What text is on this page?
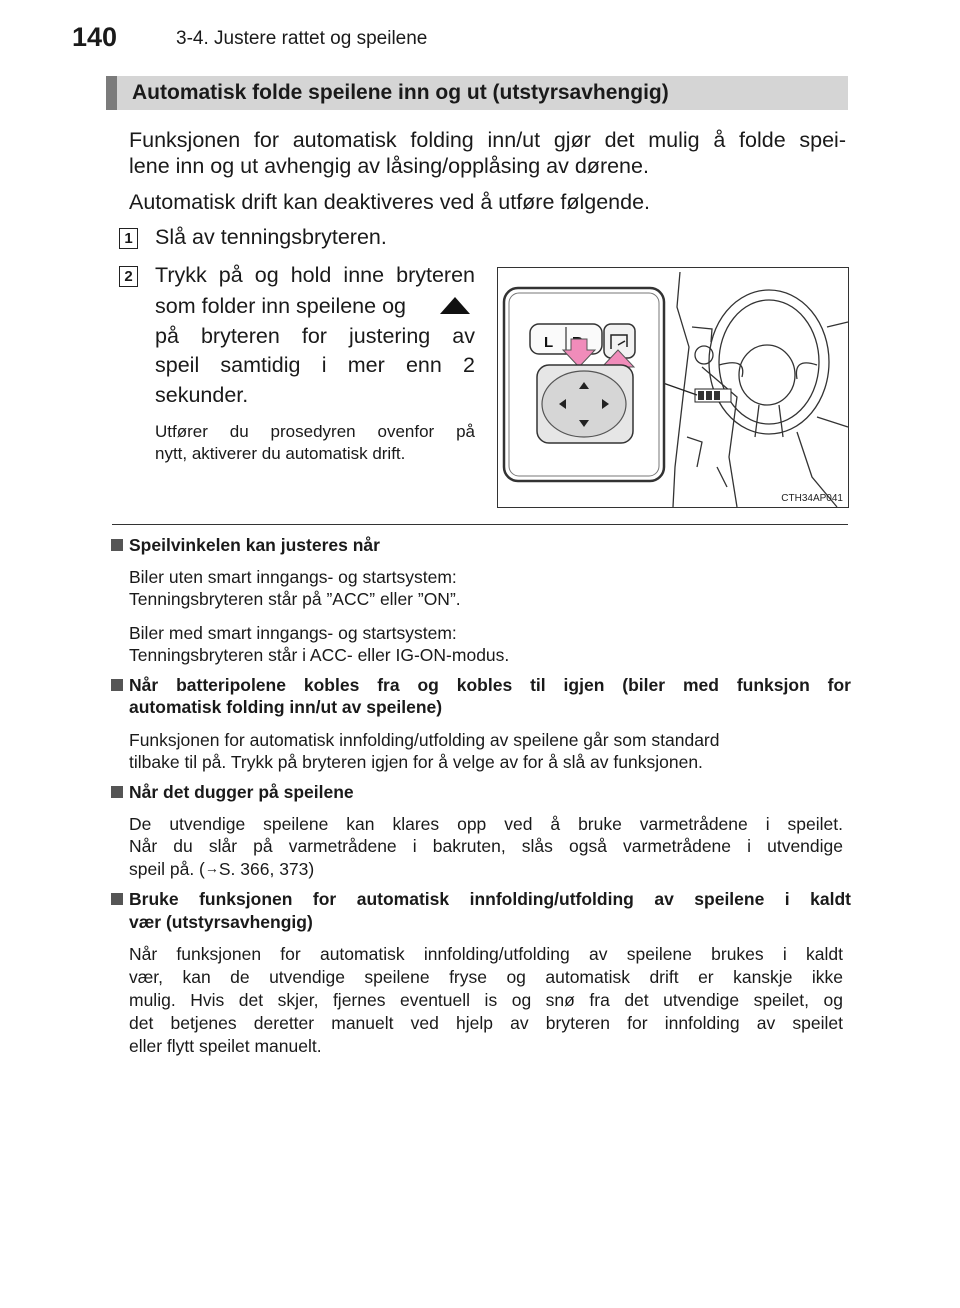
140	3-4. Justere rattet og speilene
Automatisk folde speilene inn og ut (utstyrsavhengig)
Funksjonen for automatisk folding inn/ut gjør det mulig å folde spei-
lene inn og ut avhengig av låsing/opplåsing av dørene.
Automatisk drift kan deaktiveres ved å utføre følgende.
1 Slå av tenningsbryteren.
2 Trykk på og hold inne bryteren
som folder inn speilene og
på bryteren for justering av
speil samtidig i mer enn 2
sekunder.
Utfører du prosedyren ovenfor på
nytt, aktiverer du automatisk drift.
L
CTH34AP041
Speilvinkelen kan justeres når
Biler uten smart inngangs- og startsystem:
Tenningsbryteren står på ”ACC” eller ”ON”.
Biler med smart inngangs- og startsystem:
Tenningsbryteren står i ACC- eller IG-ON-modus.
Når batteripolene kobles fra og kobles til igjen (biler med funksjon for
automatisk folding inn/ut av speilene)
Funksjonen for automatisk innfolding/utfolding av speilene går som standard
tilbake til på. Trykk på bryteren igjen for å velge av for å slå av funksjonen.
Når det dugger på speilene
De utvendige speilene kan klares opp ved å bruke varmetrådene i speilet.
Når du slår på varmetrådene i bakruten, slås også varmetrådene i utvendige
speil på. (→S. 366, 373)
Bruke funksjonen for automatisk innfolding/utfolding av speilene i kaldt
vær (utstyrsavhengig)
Når funksjonen for automatisk innfolding/utfolding av speilene brukes i kaldt
vær, kan de utvendige speilene fryse og automatisk drift er kanskje ikke
mulig. Hvis det skjer, fjernes eventuell is og snø fra det utvendige speilet, og
det betjenes deretter manuelt ved hjelp av bryteren for innfolding av speilet
eller flytt speilet manuelt.
